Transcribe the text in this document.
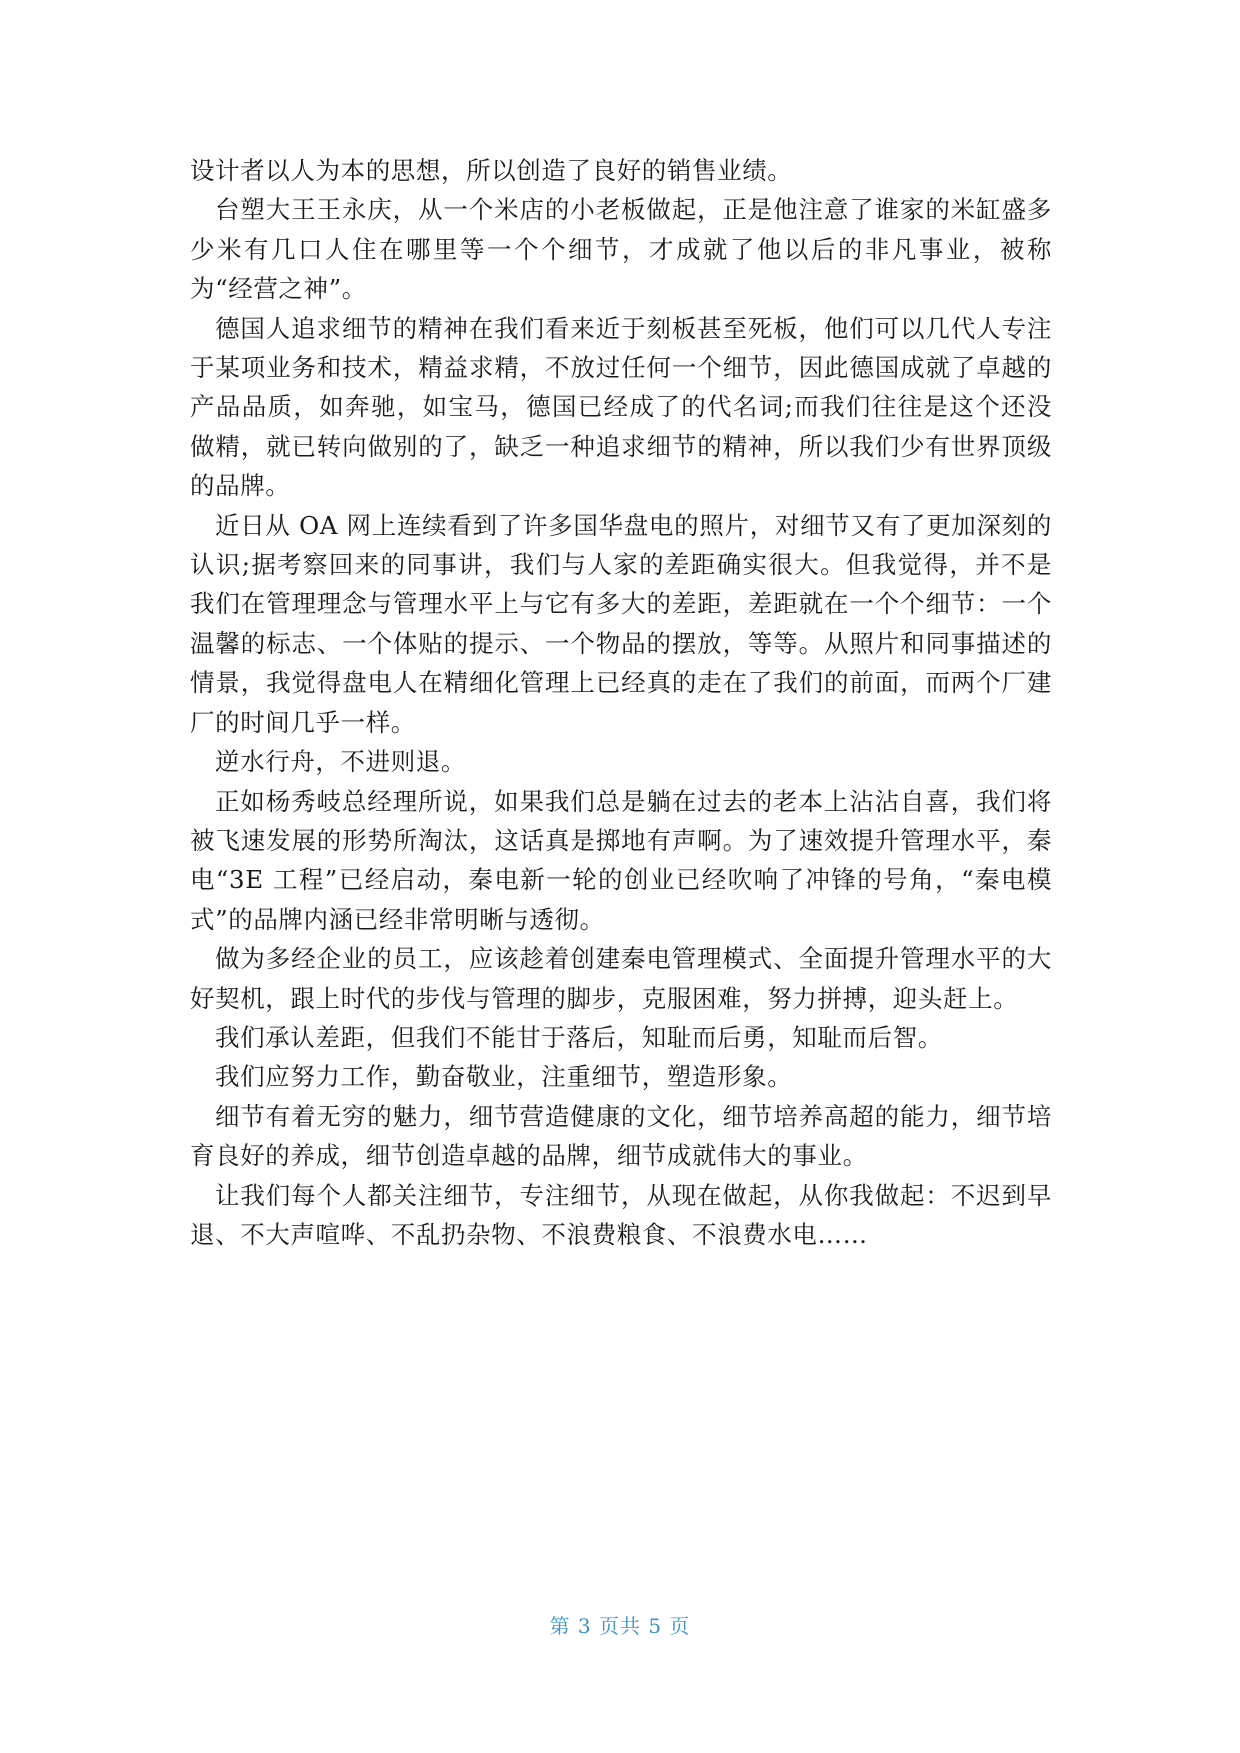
设计者以人为本的思想，所以创造了良好的销售业绩。

台塑大王王永庆，从一个米店的小老板做起，正是他注意了谁家的米缸盛多少米有几口人住在哪里等一个个细节，才成就了他以后的非凡事业，被称为“经营之神”。

德国人追求细节的精神在我们看来近于刻板甚至死板，他们可以几代人专注于某项业务和技术，精益求精，不放过任何一个细节，因此德国成就了卓越的产品品质，如奔驰，如宝马，德国已经成了的代名词;而我们往往是这个还没做精，就已转向做别的了，缺乏一种追求细节的精神，所以我们少有世界顶级的品牌。

近日从 OA 网上连续看到了许多国华盘电的照片，对细节又有了更加深刻的认识;据考察回来的同事讲，我们与人家的差距确实很大。但我觉得，并不是我们在管理理念与管理水平上与它有多大的差距，差距就在一个个细节：一个温馨的标志、一个体贴的提示、一个物品的摆放，等等。从照片和同事描述的情景，我觉得盘电人在精细化管理上已经真的走在了我们的前面，而两个厂建厂的时间几乎一样。

逆水行舟，不进则退。

正如杨秀岐总经理所说，如果我们总是躺在过去的老本上沾沾自喜，我们将被飞速发展的形势所淘汰，这话真是掷地有声啊。为了速效提升管理水平，秦电“3E 工程”已经启动，秦电新一轮的创业已经吹响了冲锋的号角，“秦电模式”的品牌内涵已经非常明晰与透彻。

做为多经企业的员工，应该趁着创建秦电管理模式、全面提升管理水平的大好契机，跟上时代的步伐与管理的脚步，克服困难，努力拼搏，迎头赶上。

我们承认差距，但我们不能甘于落后，知耻而后勇，知耻而后智。

我们应努力工作，勤奋敬业，注重细节，塑造形象。

细节有着无穷的魅力，细节营造健康的文化，细节培养高超的能力，细节培育良好的养成，细节创造卓越的品牌，细节成就伟大的事业。

让我们每个人都关注细节，专注细节，从现在做起，从你我做起：不迟到早退、不大声喧哗、不乱扔杂物、不浪费粮食、不浪费水电……

第 3 页共 5 页
